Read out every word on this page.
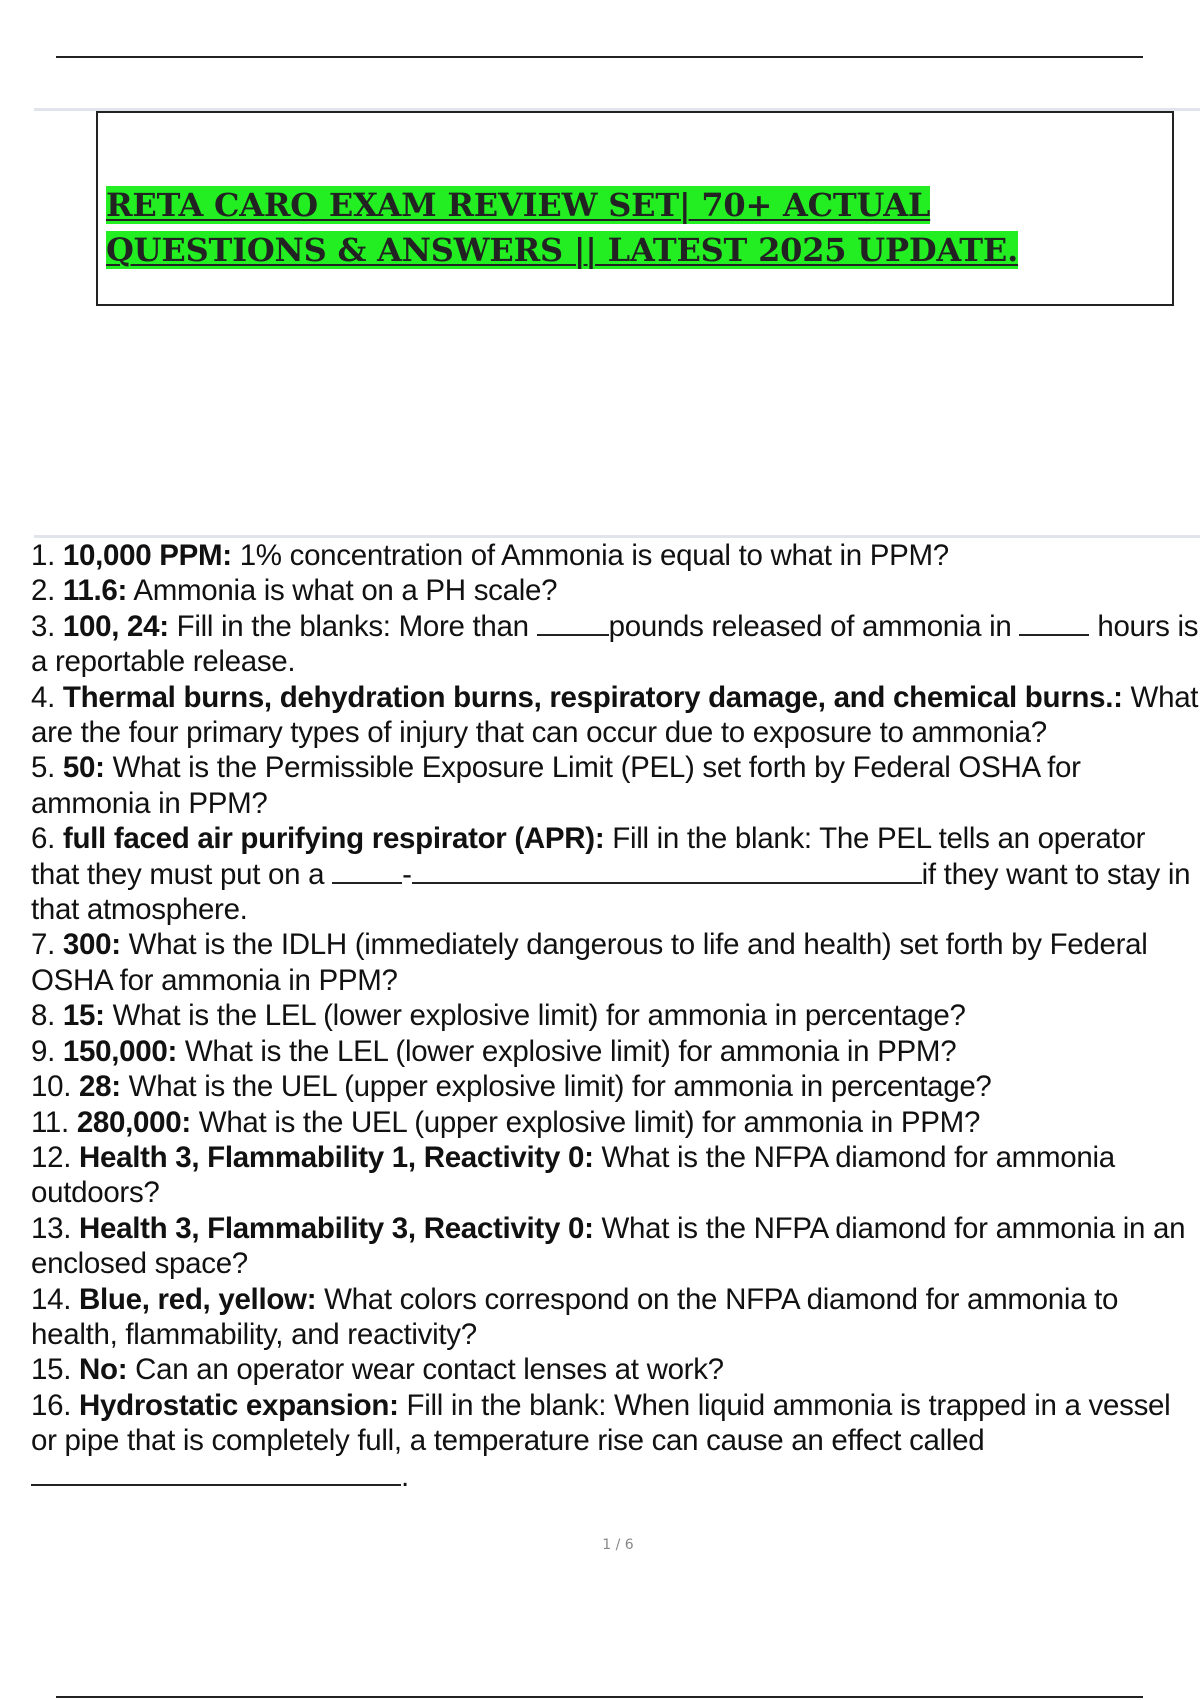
RETA CARO EXAM REVIEW SET| 70+ ACTUAL
QUESTIONS & ANSWERS || LATEST 2025 UPDATE.
1. 10,000 PPM: 1% concentration of Ammonia is equal to what in PPM?
2. 11.6: Ammonia is what on a PH scale?
3. 100, 24: Fill in the blanks: More than pounds released of ammonia in	hours is a reportable release.
4. Thermal burns, dehydration burns, respiratory damage, and chemical burns.: What are the four primary types of injury that can occur due to exposure to ammonia?
5. 50: What is the Permissible Exposure Limit (PEL) set forth by Federal OSHA for ammonia in PPM?
6. full faced air purifying respirator (APR): Fill in the blank: The PEL tells an operator that they must put on a -	if they want to stay in that atmosphere.
7. 300: What is the IDLH (immediately dangerous to life and health) set forth by Federal OSHA for ammonia in PPM?
8. 15: What is the LEL (lower explosive limit) for ammonia in percentage?
9. 150,000: What is the LEL (lower explosive limit) for ammonia in PPM?
10. 28: What is the UEL (upper explosive limit) for ammonia in percentage?
11. 280,000: What is the UEL (upper explosive limit) for ammonia in PPM?
12. Health 3, Flammability 1, Reactivity 0: What is the NFPA diamond for ammonia outdoors?
13. Health 3, Flammability 3, Reactivity 0: What is the NFPA diamond for ammonia in an enclosed space?
14. Blue, red, yellow: What colors correspond on the NFPA diamond for ammonia to health, flammability, and reactivity?
15. No: Can an operator wear contact lenses at work?
16. Hydrostatic expansion: Fill in the blank: When liquid ammonia is trapped in a vessel or pipe that is completely full, a temperature rise can cause an effect called .
1 / 6
